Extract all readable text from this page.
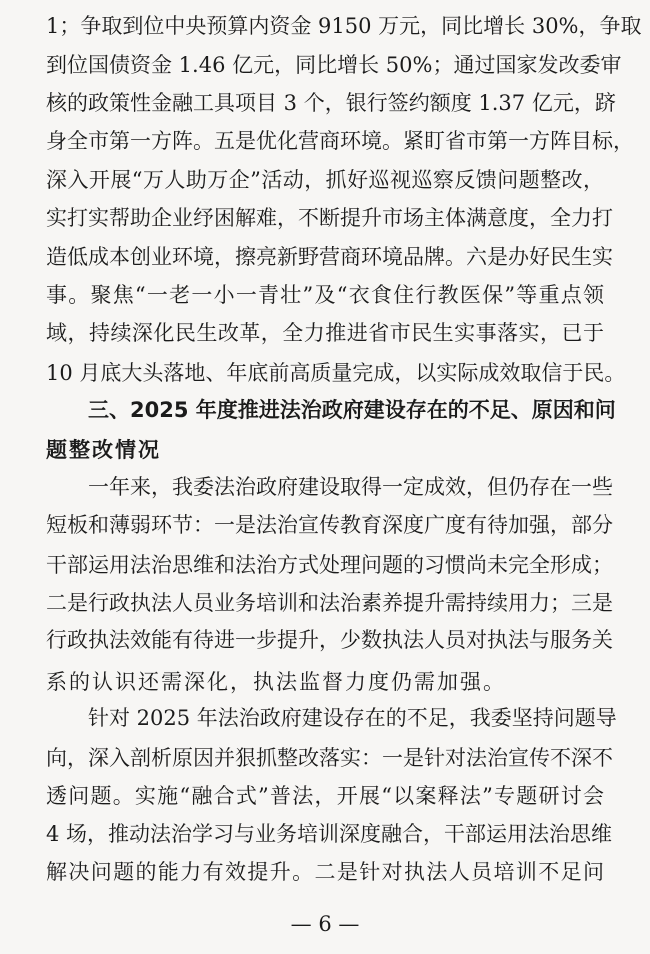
1；争取到位中央预算内资金 9150 万元，同比增长 30%，争取
到位国债资金 1.46 亿元，同比增长 50%；通过国家发改委审
核的政策性金融工具项目 3 个，银行签约额度 1.37 亿元，跻
身全市第一方阵。五是优化营商环境。紧盯省市第一方阵目标，
深入开展“万人助万企”活动，抓好巡视巡察反馈问题整改，
实打实帮助企业纾困解难，不断提升市场主体满意度，全力打
造低成本创业环境，擦亮新野营商环境品牌。六是办好民生实
事。聚焦“一老一小一青壮”及“衣食住行教医保”等重点领
域，持续深化民生改革，全力推进省市民生实事落实，已于
10 月底大头落地、年底前高质量完成，以实际成效取信于民。
三、2025 年度推进法治政府建设存在的不足、原因和问
题整改情况
一年来，我委法治政府建设取得一定成效，但仍存在一些
短板和薄弱环节：一是法治宣传教育深度广度有待加强，部分
干部运用法治思维和法治方式处理问题的习惯尚未完全形成；
二是行政执法人员业务培训和法治素养提升需持续用力；三是
行政执法效能有待进一步提升，少数执法人员对执法与服务关
系的认识还需深化，执法监督力度仍需加强。
针对 2025 年法治政府建设存在的不足，我委坚持问题导
向，深入剖析原因并狠抓整改落实：一是针对法治宣传不深不
透问题。实施“融合式”普法，开展“以案释法”专题研讨会
4 场，推动法治学习与业务培训深度融合，干部运用法治思维
解决问题的能力有效提升。二是针对执法人员培训不足问
— 6 —
